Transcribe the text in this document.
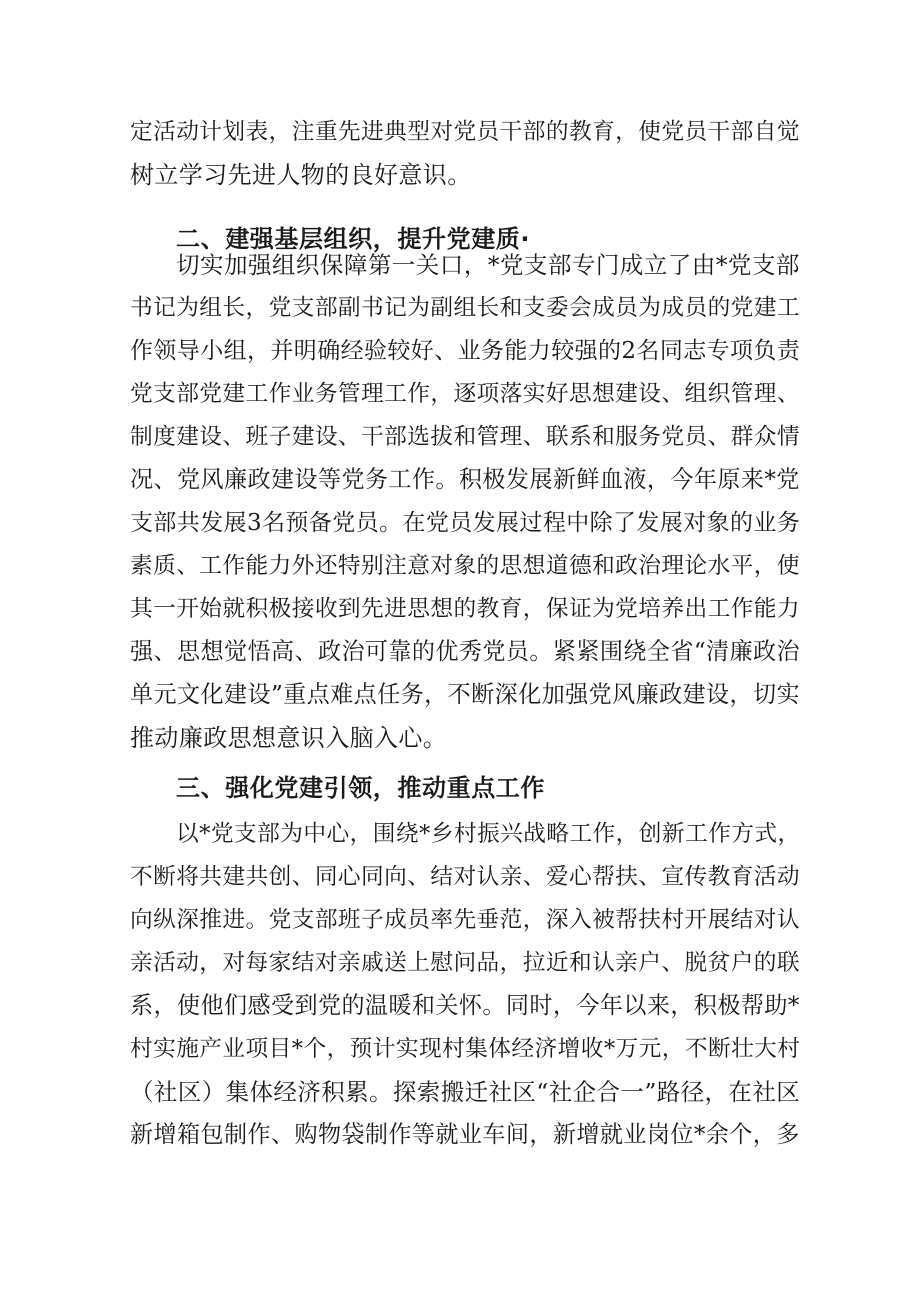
定活动计划表，注重先进典型对党员干部的教育，使党员干部自觉
树立学习先进人物的良好意识。
二、建强基层组织，提升党建质·
切实加强组织保障第一关口，*党支部专门成立了由*党支部
书记为组长，党支部副书记为副组长和支委会成员为成员的党建工
作领导小组，并明确经验较好、业务能力较强的2名同志专项负责
党支部党建工作业务管理工作，逐项落实好思想建设、组织管理、
制度建设、班子建设、干部选拔和管理、联系和服务党员、群众情
况、党风廉政建设等党务工作。积极发展新鲜血液，今年原来*党
支部共发展3名预备党员。在党员发展过程中除了发展对象的业务
素质、工作能力外还特别注意对象的思想道德和政治理论水平，使
其一开始就积极接收到先进思想的教育，保证为党培养出工作能力
强、思想觉悟高、政治可靠的优秀党员。紧紧围绕全省“清廉政治
单元文化建设”重点难点任务，不断深化加强党风廉政建设，切实
推动廉政思想意识入脑入心。
三、强化党建引领，推动重点工作
以*党支部为中心，围绕*乡村振兴战略工作，创新工作方式，
不断将共建共创、同心同向、结对认亲、爱心帮扶、宣传教育活动
向纵深推进。党支部班子成员率先垂范，深入被帮扶村开展结对认
亲活动，对每家结对亲戚送上慰问品，拉近和认亲户、脱贫户的联
系，使他们感受到党的温暖和关怀。同时，今年以来，积极帮助*
村实施产业项目*个，预计实现村集体经济增收*万元，不断壮大村
（社区）集体经济积累。探索搬迁社区“社企合一”路径，在社区
新增箱包制作、购物袋制作等就业车间，新增就业岗位*余个，多
